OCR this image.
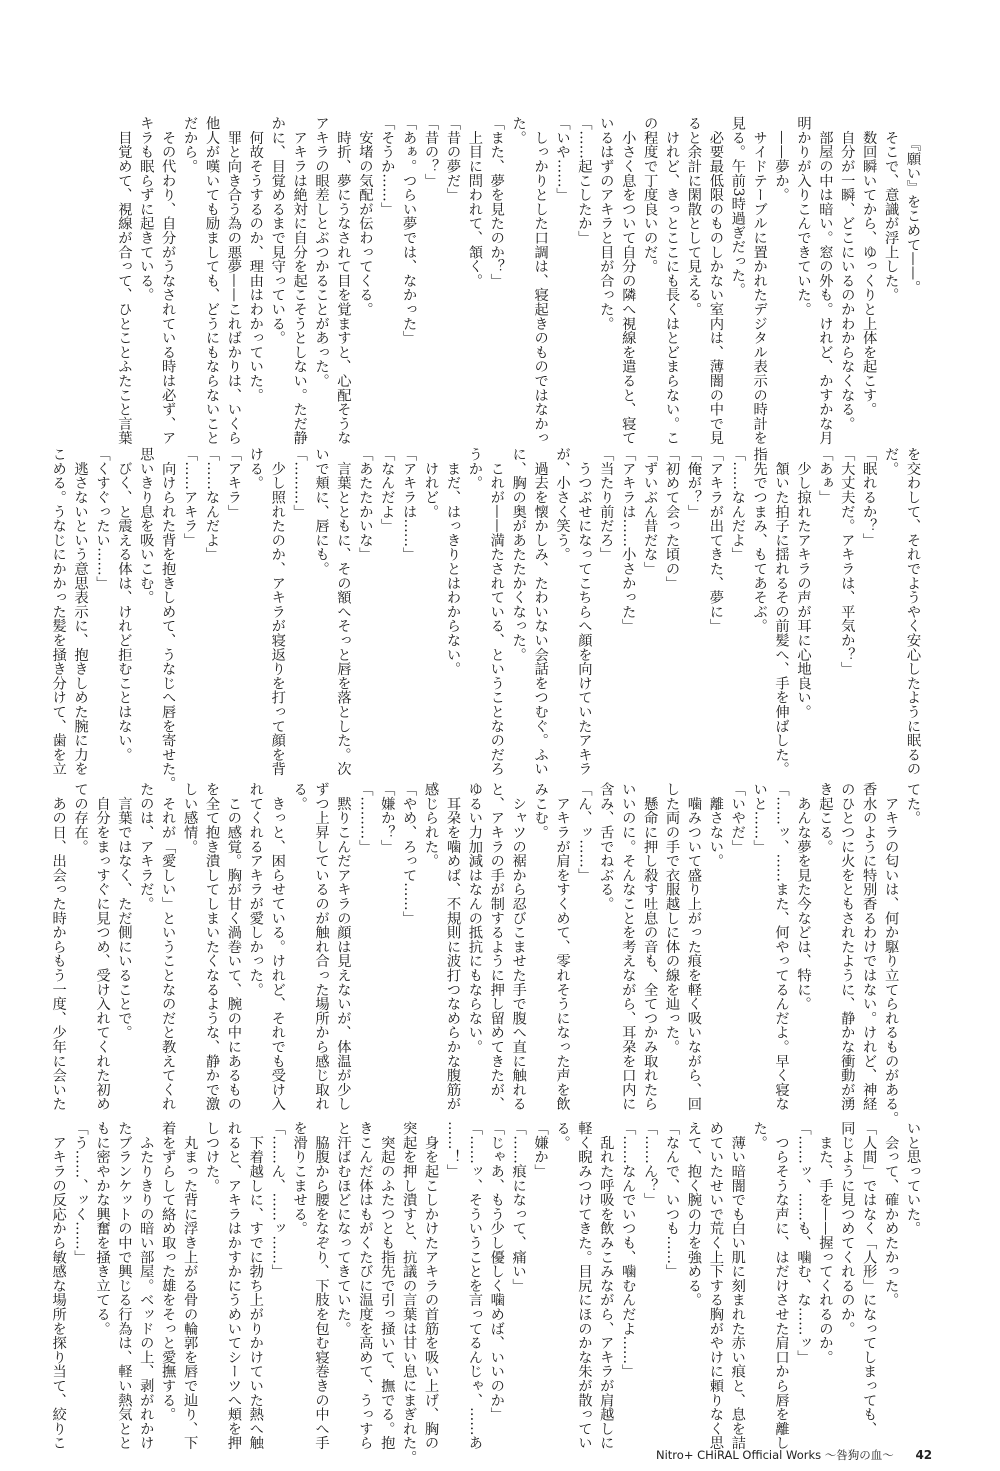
　『願い』をこめて——。
　そこで、意識が浮上した。
　数回瞬いてから、ゆっくりと上体を起こす。
　自分が一瞬、どこにいるのかわからなくなる。
　部屋の中は暗い。窓の外も。けれど、かすかな月
明かりが入りこんできていた。
　——夢か。
　サイドテーブルに置かれたデジタル表示の時計を
見る。午前3時過ぎだった。
　必要最低限のものしかない室内は、薄闇の中で見
ると余計に閑散として見える。
　けれど、きっとここにも長くはとどまらない。こ
の程度で丁度良いのだ。
　小さく息をついて自分の隣へ視線を遣ると、寝て
いるはずのアキラと目が合った。
「……起こしたか」
「いや……」
　しっかりとした口調は、寝起きのものではなかっ
た。
「また、夢を見たのか？」
　上目に問われて、頷く。
「昔の夢だ」
「昔の？」
「あぁ。つらい夢では、なかった」
「そうか……」
　安堵の気配が伝わってくる。
　時折、夢にうなされて目を覚ますと、心配そうな
アキラの眼差しとぶつかることがあった。
　アキラは絶対に自分を起こそうとしない。ただ静
かに、目覚めるまで見守っている。
　何故そうするのか、理由はわかっていた。
　罪と向き合う為の悪夢——こればかりは、いくら
他人が嘆いても励ましても、どうにもならないこと
だから。
　その代わり、自分がうなされている時は必ず、ア
キラも眠らずに起きている。
　目覚めて、視線が合って、ひとことふたこと言葉
を交わして、それでようやく安心したように眠るの
だ。
「眠れるか？」
「大丈夫だ。アキラは、平気か？」
「あぁ」
　少し掠れたアキラの声が耳に心地良い。
　頷いた拍子に揺れるその前髪へ、手を伸ばした。
指先でつまみ、もてあそぶ。
「……なんだよ」
「アキラが出てきた、夢に」
「俺が？」
「初めて会った頃の」
「ずいぶん昔だな」
「アキラは……小さかった」
「当たり前だろ」
　うつぶせになってこちらへ顔を向けていたアキラ
が、小さく笑う。
　過去を懐かしみ、たわいない会話をつむぐ。ふい
に、胸の奥があたたかくなった。
　これが——満たされている、ということなのだろ
うか。
　まだ、はっきりとはわからない。
　けれど。
「アキラは……」
「なんだよ」
「あたたかいな」
　言葉とともに、その額へそっと唇を落とした。次
いで頬に、唇にも。
「………」
　少し照れたのか、アキラが寝返りを打って顔を背
ける。
「アキラ」
「……なんだよ」
「……アキラ」
　向けられた背を抱きしめて、うなじへ唇を寄せた。
思いきり息を吸いこむ。
　びく、と震える体は、けれど拒むことはない。
「くすぐったい……」
　逃さないという意思表示に、抱きしめた腕に力を
こめる。うなじにかかった髪を掻き分けて、歯を立
てた。
　アキラの匂いは、何か駆り立てられるものがある。
香水のように特別香るわけではない。けれど、神経
のひとつに火をともされたように、静かな衝動が湧
き起こる。
　あんな夢を見た今などは、特に。
「……ッ、……また、何やってるんだよ。早く寝な
いと……」
「いやだ」
　離さない。
　噛みついて盛り上がった痕を軽く吸いながら、回
した両の手で衣服越しに体の線を辿った。
　懸命に押し殺す吐息の音も、全てつかみ取れたら
いいのに。そんなことを考えながら、耳朶を口内に
含み、舌でねぶる。
「ん、ッ……」
　アキラが肩をすくめて、零れそうになった声を飲
みこむ。
　シャツの裾から忍びこませた手で腹へ直に触れる
と、アキラの手が制するように押し留めてきたが、
ゆるい力加減はなんの抵抗にもならない。
　耳朶を噛めば、不規則に波打つなめらかな腹筋が
感じられた。
「やめ、ろって……」
「嫌か？」
「………」
　黙りこんだアキラの顔は見えないが、体温が少し
ずつ上昇しているのが触れ合った場所から感じ取れ
る。
　きっと、困らせている。けれど、それでも受け入
れてくれるアキラが愛しかった。
　この感覚。胸が甘く渦巻いて、腕の中にあるもの
を全て抱き潰してしまいたくなるような、静かで激
しい感情。
　それが「愛しい」ということなのだと教えてくれ
たのは、アキラだ。
　言葉ではなく、ただ側にいることで。
　自分をまっすぐに見つめ、受け入れてくれた初め
ての存在。
　あの日、出会った時からもう一度、少年に会いた
いと思っていた。
　会って、確かめたかった。
「人間」ではなく「人形」になってしまっても、
同じように見つめてくれるのか。
　また、手を——握ってくれるのか。
「……ッ、……も、噛む、な……ッ」
　つらそうな声に、はだけさせた肩口から唇を離し
た。
　薄い暗闇でも白い肌に刻まれた赤い痕と、息を詰
めていたせいで荒く上下する胸がやけに頼りなく思
えて、抱く腕の力を強める。
「なんで、いつも……」
「……ん？」
「……なんでいつも、噛むんだよ……」
　乱れた呼吸を飲みこみながら、アキラが肩越しに
軽く睨みつけてきた。目尻にほのかな朱が散ってい
る。
「嫌か」
「……痕になって、痛い」
「じゃあ、もう少し優しく噛めば、いいのか」
「……ッ、そういうことを言ってるんじゃ、……あ
……！」
　身を起こしかけたアキラの首筋を吸い上げ、胸の
突起を押し潰すと、抗議の言葉は甘い息にまぎれた。
　突起のふたつとも指先で引っ掻いて、撫でる。抱
きこんだ体はもがくたびに温度を高めて、うっすら
と汗ばむほどになってきていた。
　脇腹から腰をなぞり、下肢を包む寝巻きの中へ手
を滑りこませる。
「……ん、……ッ……」
　下着越しに、すでに勃ち上がりかけていた熱へ触
れると、アキラはかすかにうめいてシーツへ頬を押
しつけた。
　丸まった背に浮き上がる骨の輪郭を唇で辿り、下
着をずらして絡め取った雄をそっと愛撫する。
　ふたりきりの暗い部屋。ベッドの上、剥がれかけ
たブランケットの中で興じる行為は、軽い熱気とと
もに密やかな興奮を掻き立てる。
「う……、ッく……」
　アキラの反応から敏感な場所を探り当て、絞りこ
Nitro+ CHiRAL Official Works ～咎狗の血～ 42
